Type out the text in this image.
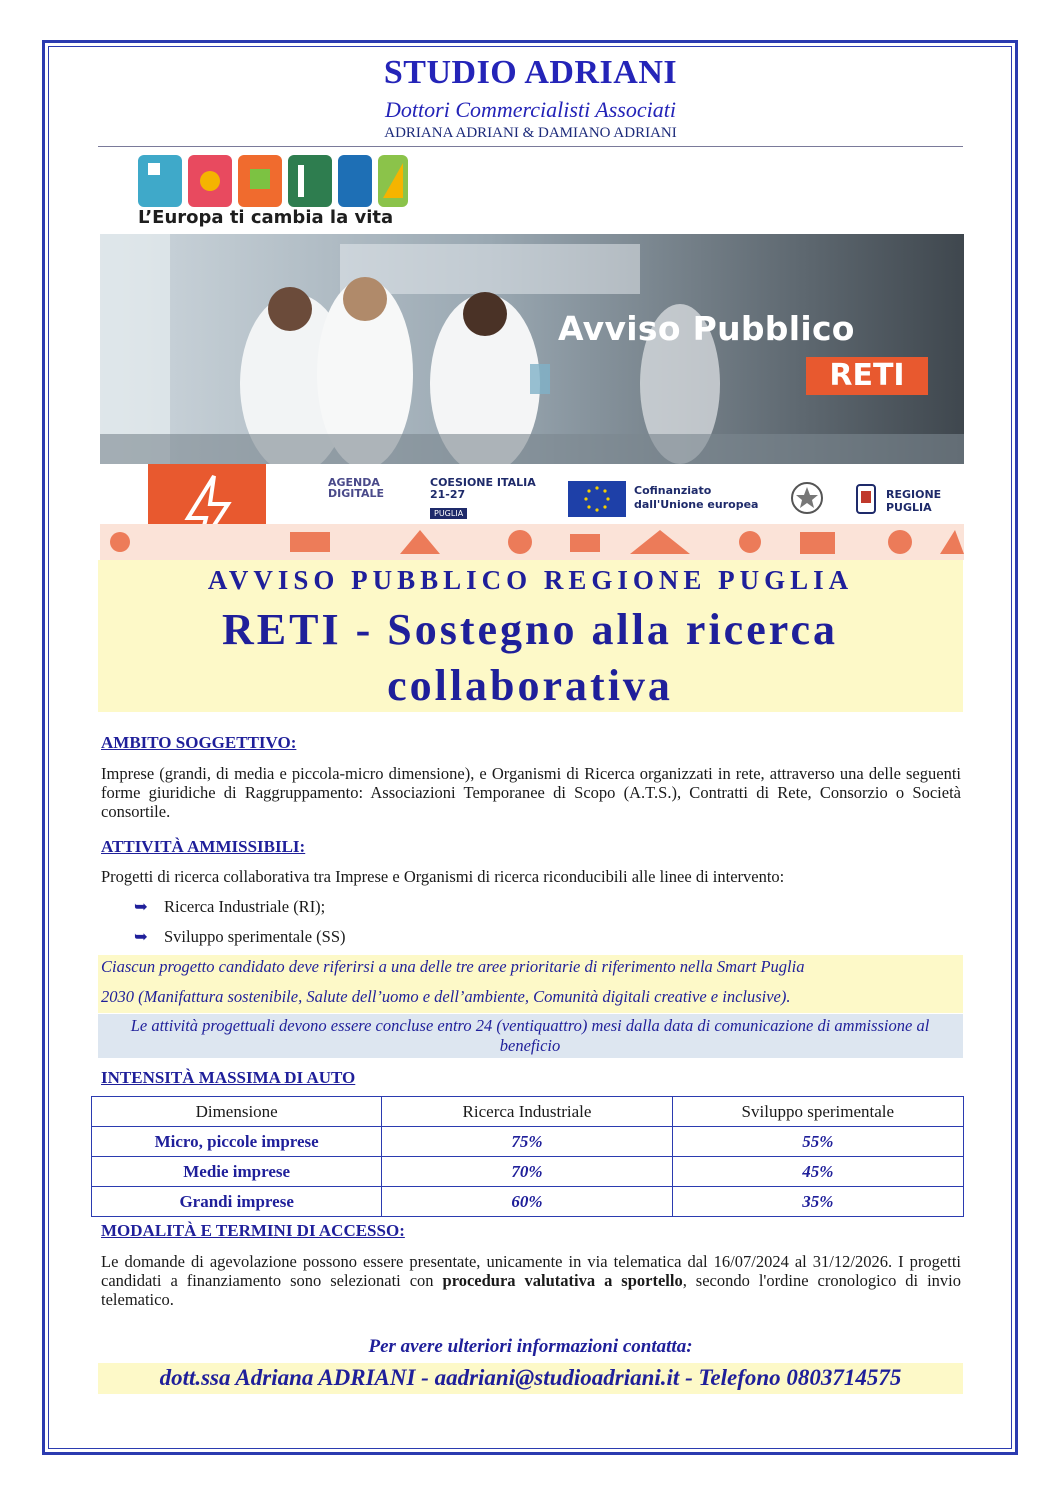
STUDIO ADRIANI
Dottori Commercialisti Associati
ADRIANA ADRIANI & DAMIANO ADRIANI
L’Europa ti cambia la vita
Avviso Pubblico
RETI
AGENDA DIGITALE
COESIONE ITALIA 21-27
PUGLIA
Cofinanziato dall'Unione europea
REGIONE PUGLIA
AVVISO PUBBLICO REGIONE PUGLIA
RETI - Sostegno alla ricerca collaborativa
AMBITO SOGGETTIVO:
Imprese (grandi, di media e piccola-micro dimensione), e Organismi di Ricerca organizzati in rete, attraverso una delle seguenti forme giuridiche di Raggruppamento: Associazioni Temporanee di Scopo (A.T.S.), Contratti di Rete, Consorzio o Società consortile.
ATTIVITÀ AMMISSIBILI:
Progetti di ricerca collaborativa tra Imprese e Organismi di ricerca riconducibili alle linee di intervento:
➥ Ricerca Industriale (RI);
➥ Sviluppo sperimentale (SS)
Ciascun progetto candidato deve riferirsi a una delle tre aree prioritarie di riferimento nella Smart Puglia
2030 (Manifattura sostenibile, Salute dell’uomo e dell’ambiente, Comunità digitali creative e inclusive).
Le attività progettuali devono essere concluse entro 24 (ventiquattro) mesi dalla data di comunicazione di ammissione al beneficio
INTENSITÀ MASSIMA DI AUTO
Dimensione	Ricerca Industriale	Sviluppo sperimentale
Micro, piccole imprese	75%	55%
Medie imprese	70%	45%
Grandi imprese	60%	35%
MODALITÀ E TERMINI DI ACCESSO:
Le domande di agevolazione possono essere presentate, unicamente in via telematica dal 16/07/2024 al 31/12/2026. I progetti candidati a finanziamento sono selezionati con procedura valutativa a sportello, secondo l'ordine cronologico di invio telematico.
Per avere ulteriori informazioni contatta:
dott.ssa Adriana ADRIANI - aadriani@studioadriani.it - Telefono 0803714575
